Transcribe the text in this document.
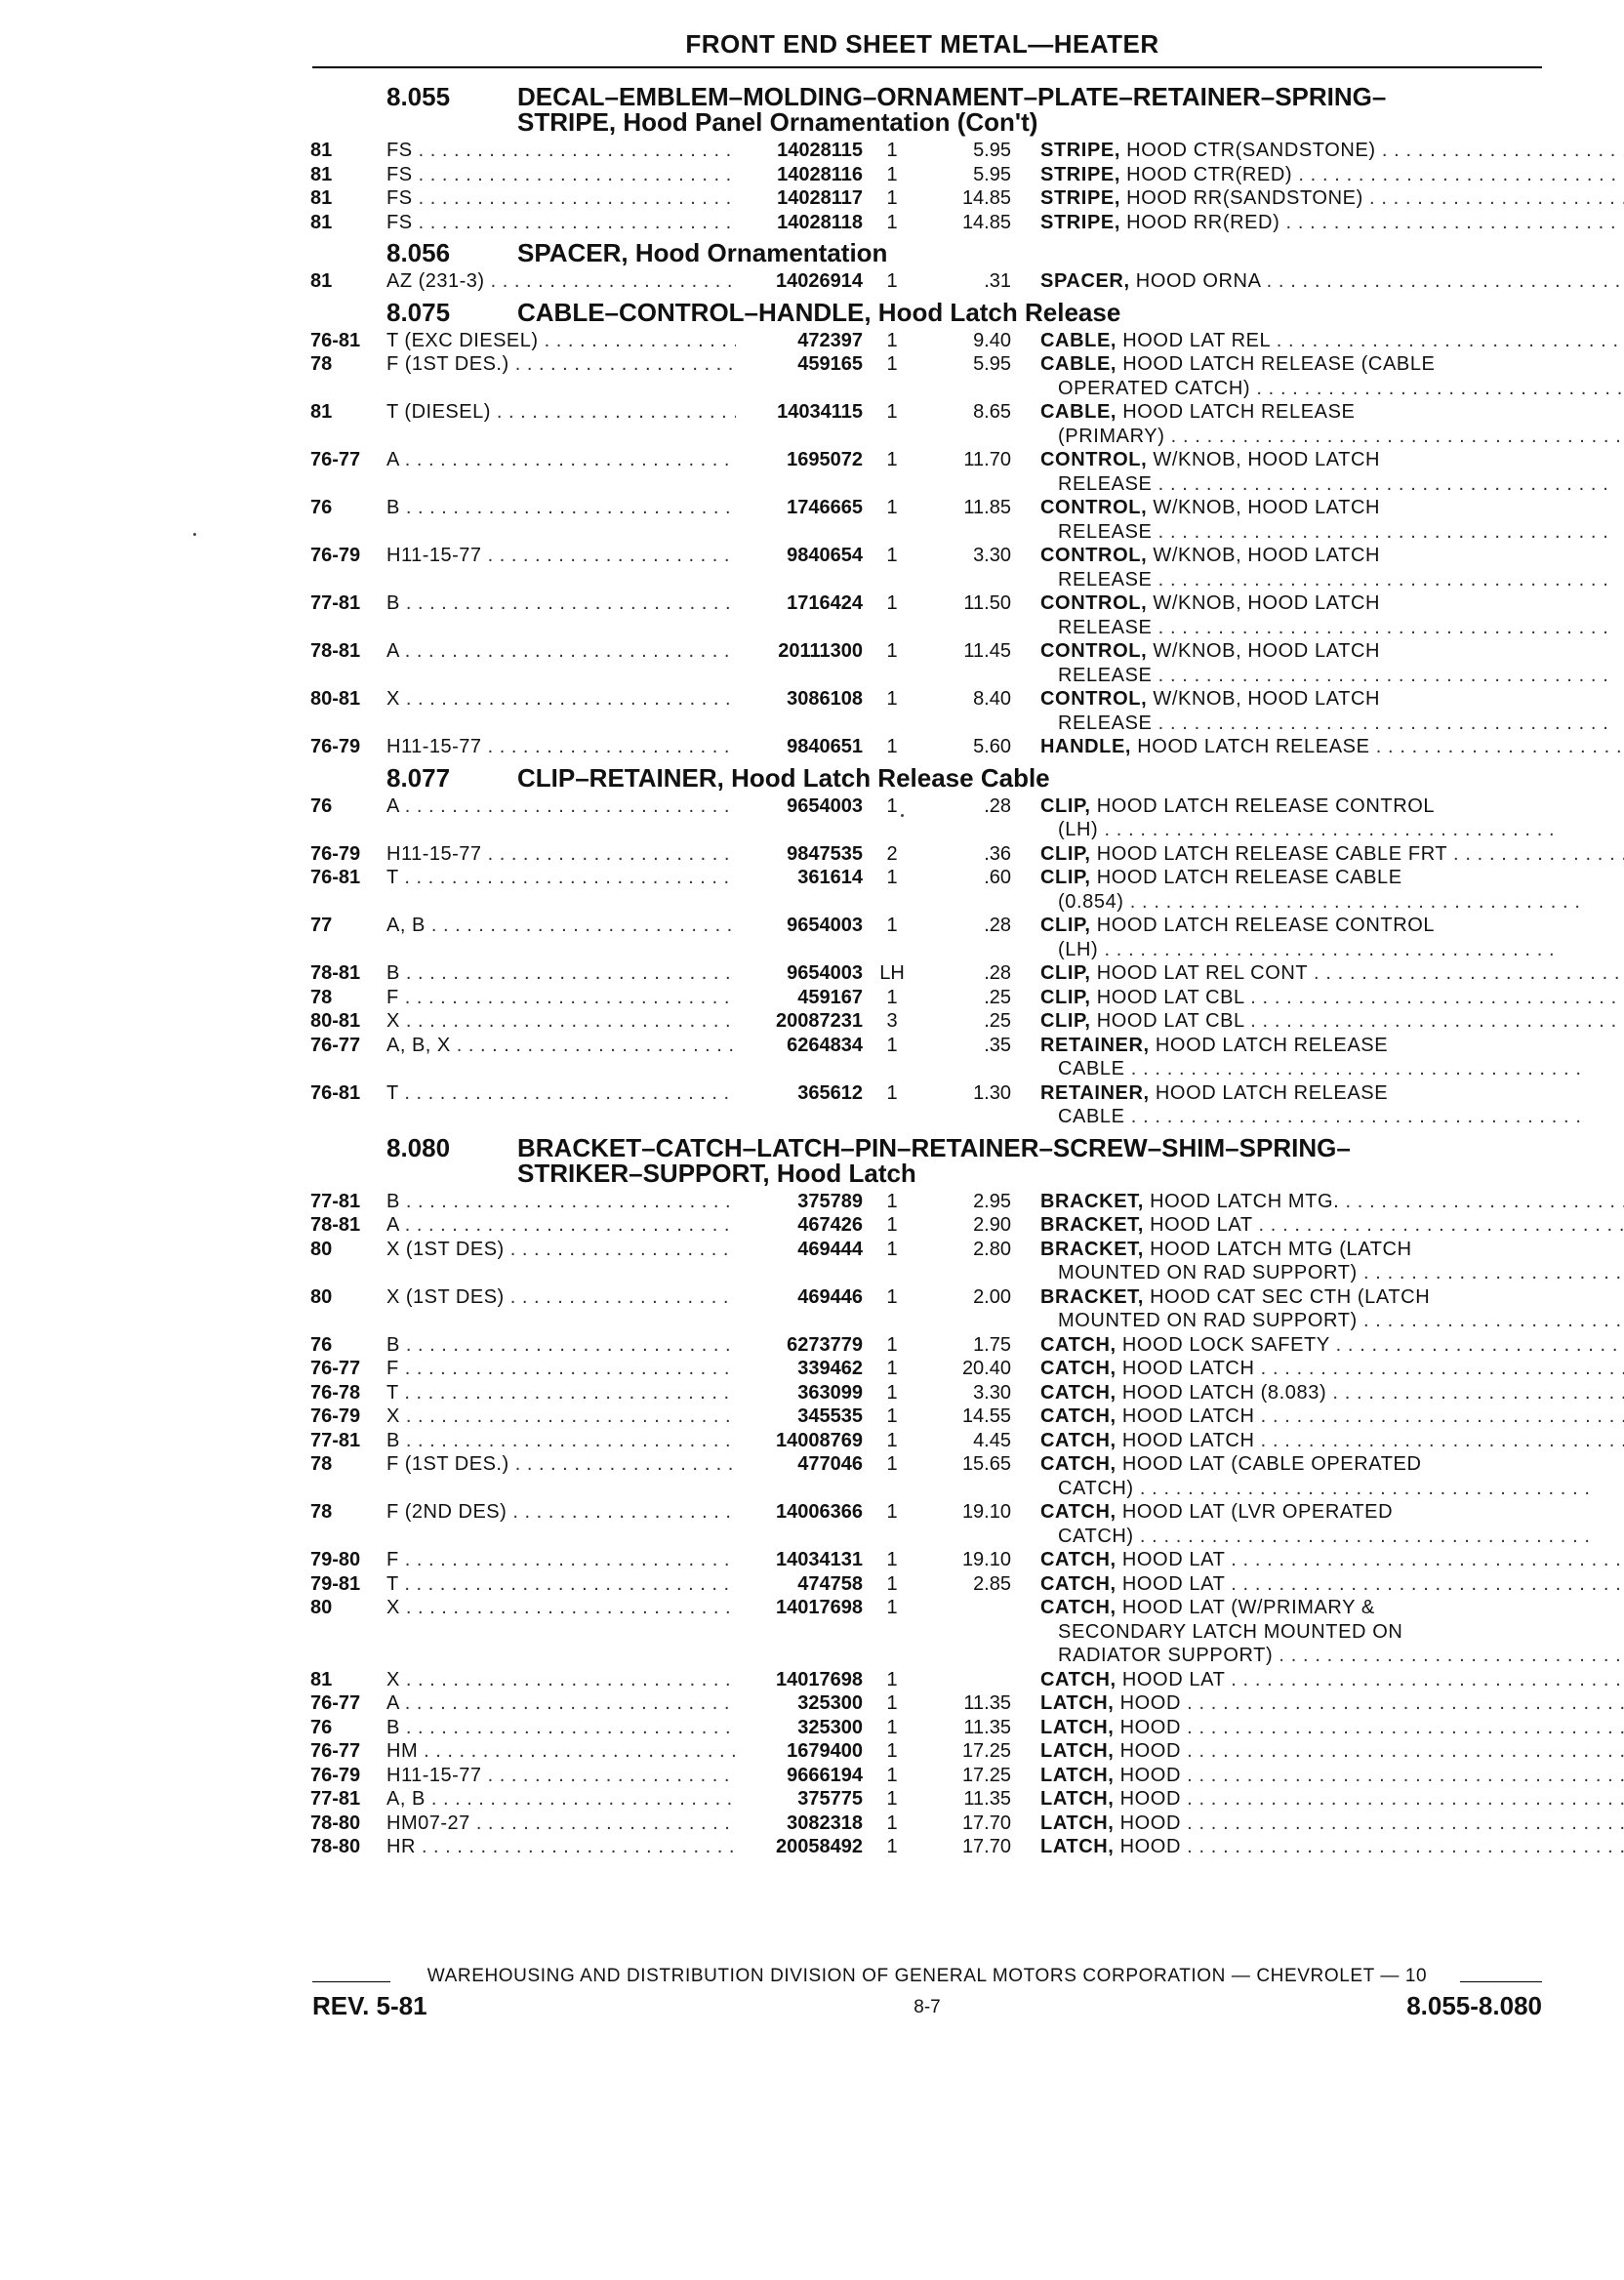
FRONT END SHEET METAL—HEATER
8.055	DECAL–EMBLEM–MOLDING–ORNAMENT–PLATE–RETAINER–SPRING–
STRIPE, Hood Panel Ornamentation (Con't)
81	FS . . .	14028115	1	5.95 STRIPE, HOOD CTR(SANDSTONE) . . .
81	FS . . .	14028116	1	5.95 STRIPE, HOOD CTR(RED) . . .
81	FS . . .	14028117	1	14.85 STRIPE, HOOD RR(SANDSTONE) . . .
81	FS . . .	14028118	1	14.85 STRIPE, HOOD RR(RED) . . .
8.056	SPACER, Hood Ornamentation
81	AZ (231-3) . . .	14026914	1	.31 SPACER, HOOD ORNA . . .
8.075	CABLE–CONTROL–HANDLE, Hood Latch Release
76-81	T (EXC DIESEL) . . .	472397	1	9.40 CABLE, HOOD LAT REL . . .
78	F (1ST DES.) . . .	459165	1	5.95 CABLE, HOOD LATCH RELEASE (CABLE
OPERATED CATCH) . . .
81	T (DIESEL) . . .	14034115	1	8.65 CABLE, HOOD LATCH RELEASE
(PRIMARY) . . .
76-77	A . . .	1695072	1	11.70 CONTROL, W/KNOB, HOOD LATCH
RELEASE . . .
76	B . . .	1746665	1	11.85 CONTROL, W/KNOB, HOOD LATCH
RELEASE . . .
76-79	H11-15-77 . . .	9840654	1	3.30 CONTROL, W/KNOB, HOOD LATCH
RELEASE . . .
77-81	B . . .	1716424	1	11.50 CONTROL, W/KNOB, HOOD LATCH
RELEASE . . .
78-81	A . . .	20111300	1	11.45 CONTROL, W/KNOB, HOOD LATCH
RELEASE . . .
80-81	X . . .	3086108	1	8.40 CONTROL, W/KNOB, HOOD LATCH
RELEASE . . .
76-79	H11-15-77 . . .	9840651	1	5.60 HANDLE, HOOD LATCH RELEASE . . .
8.077	CLIP–RETAINER, Hood Latch Release Cable
76	A . . .	9654003	1	.28 CLIP, HOOD LATCH RELEASE CONTROL
(LH) . . .
76-79	H11-15-77 . . .	9847535	2	.36 CLIP, HOOD LATCH RELEASE CABLE FRT . . .
76-81	T . . .	361614	1	.60 CLIP, HOOD LATCH RELEASE CABLE
(0.854) . . .
77	A, B . . .	9654003	1	.28 CLIP, HOOD LATCH RELEASE CONTROL
(LH) . . .
78-81	B . . .	9654003 LH	.28 CLIP, HOOD LAT REL CONT . . .
78	F . . .	459167	1	.25 CLIP, HOOD LAT CBL . . .
80-81	X . . .	20087231	3	.25 CLIP, HOOD LAT CBL . . .
76-77	A, B, X . . .	6264834	1	.35 RETAINER, HOOD LATCH RELEASE
CABLE . . .
76-81	T . . .	365612	1	1.30 RETAINER, HOOD LATCH RELEASE
CABLE . . .
8.080	BRACKET–CATCH–LATCH–PIN–RETAINER–SCREW–SHIM–SPRING–
STRIKER–SUPPORT, Hood Latch
77-81	B . . .	375789	1	2.95 BRACKET, HOOD LATCH MTG. . . .
78-81	A . . .	467426	1	2.90 BRACKET, HOOD LAT . . .
80	X (1ST DES) . . .	469444	1	2.80 BRACKET, HOOD LATCH MTG (LATCH
MOUNTED ON RAD SUPPORT) . . .
80	X (1ST DES) . . .	469446	1	2.00 BRACKET, HOOD CAT SEC CTH (LATCH
MOUNTED ON RAD SUPPORT) . . .
76	B . . .	6273779	1	1.75 CATCH, HOOD LOCK SAFETY . . .
76-77	F . . .	339462	1	20.40 CATCH, HOOD LATCH . . .
76-78	T . . .	363099	1	3.30 CATCH, HOOD LATCH (8.083) . . .
76-79	X . . .	345535	1	14.55 CATCH, HOOD LATCH . . .
77-81	B . . .	14008769	1	4.45 CATCH, HOOD LATCH . . .
78	F (1ST DES.) . . .	477046	1	15.65 CATCH, HOOD LAT (CABLE OPERATED
CATCH) . . .
78	F (2ND DES) . . .	14006366	1	19.10 CATCH, HOOD LAT (LVR OPERATED
CATCH) . . .
79-80	F . . .	14034131	1	19.10 CATCH, HOOD LAT . . .
79-81	T . . .	474758	1	2.85 CATCH, HOOD LAT . . .
80	X . . .	14017698	1	CATCH, HOOD LAT (W/PRIMARY &
SECONDARY LATCH MOUNTED ON
RADIATOR SUPPORT) . . .
81	X . . .	14017698	1	CATCH, HOOD LAT . . .
76-77	A . . .	325300	1	11.35 LATCH, HOOD . . .
76	B . . .	325300	1	11.35 LATCH, HOOD . . .
76-77	HM . . .	1679400	1	17.25 LATCH, HOOD . . .
76-79	H11-15-77 . . .	9666194	1	17.25 LATCH, HOOD . . .
77-81	A, B . . .	375775	1	11.35 LATCH, HOOD . . .
78-80	HM07-27 . . .	3082318	1	17.70 LATCH, HOOD . . .
78-80	HR . . .	20058492	1	17.70 LATCH, HOOD . . .
WAREHOUSING AND DISTRIBUTION DIVISION OF GENERAL MOTORS CORPORATION — CHEVROLET — 10
REV. 5-81	8-7	8.055-8.080
